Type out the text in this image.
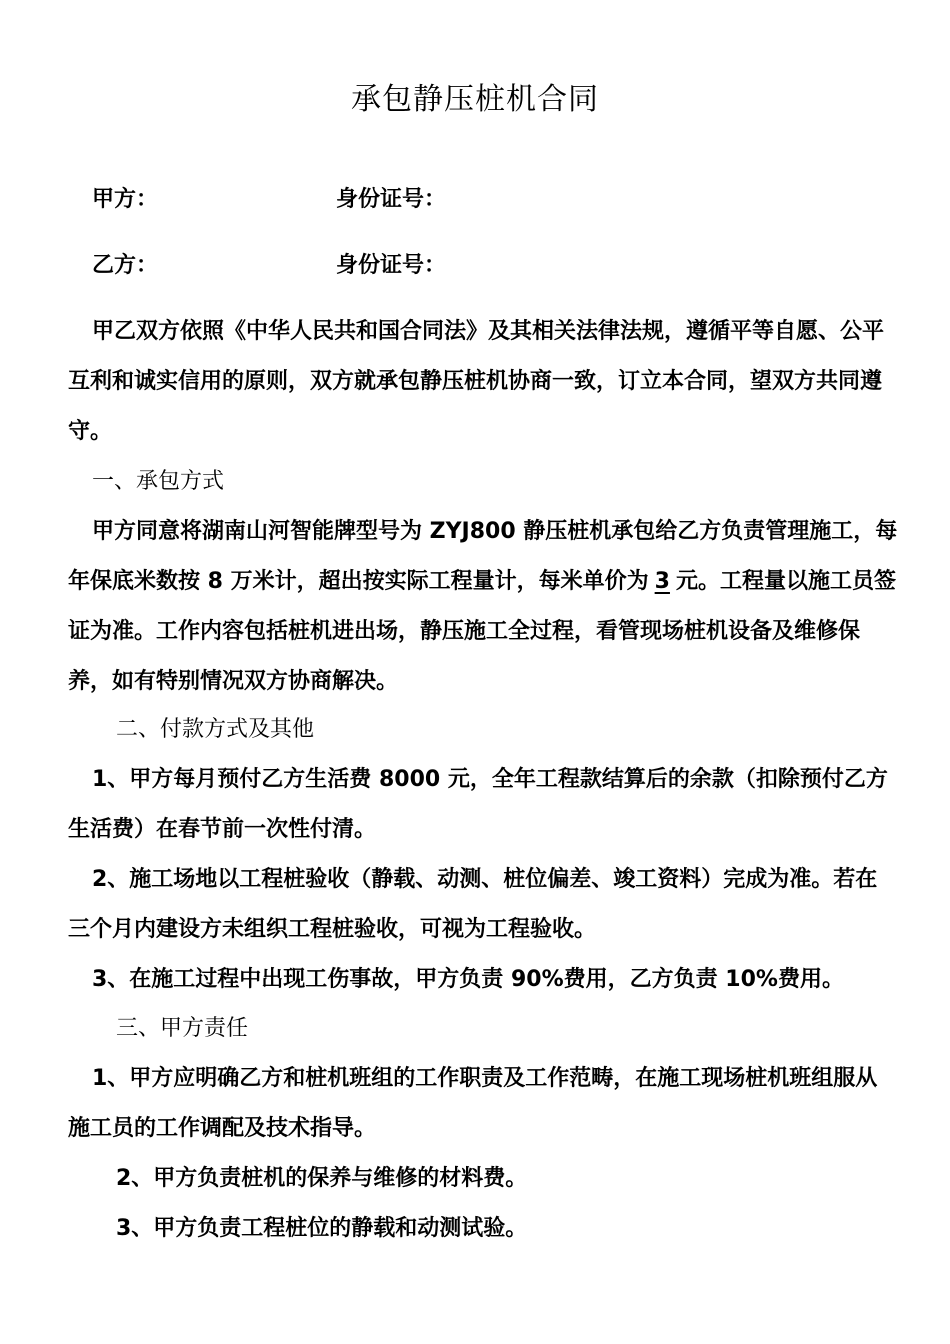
承包静压桩机合同
甲方：	身份证号：
乙方：	身份证号：

甲乙双方依照《中华人民共和国合同法》及其相关法律法规，遵循平等自愿、公平互利和诚实信用的原则，双方就承包静压桩机协商一致，订立本合同，望双方共同遵守。

一、承包方式

甲方同意将湖南山河智能牌型号为 ZYJ800 静压桩机承包给乙方负责管理施工，每年保底米数按 8 万米计，超出按实际工程量计，每米单价为 3 元。工程量以施工员签证为准。工作内容包括桩机进出场，静压施工全过程，看管现场桩机设备及维修保养，如有特别情况双方协商解决。

二、付款方式及其他

1、甲方每月预付乙方生活费 8000 元，全年工程款结算后的余款（扣除预付乙方生活费）在春节前一次性付清。

2、施工场地以工程桩验收（静载、动测、桩位偏差、竣工资料）完成为准。若在三个月内建设方未组织工程桩验收，可视为工程验收。

3、在施工过程中出现工伤事故，甲方负责 90%费用，乙方负责 10%费用。

三、甲方责任

1、甲方应明确乙方和桩机班组的工作职责及工作范畴，在施工现场桩机班组服从施工员的工作调配及技术指导。

2、甲方负责桩机的保养与维修的材料费。
3、甲方负责工程桩位的静载和动测试验。
